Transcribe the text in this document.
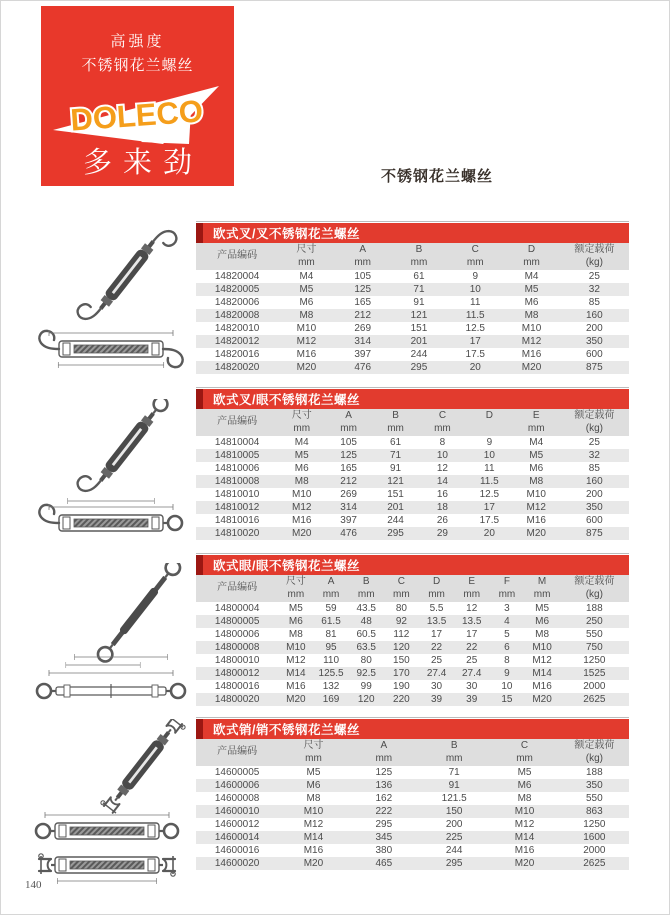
高强度
不锈钢花兰螺丝
DOLECO
多来劲	不锈钢花兰螺丝
欧式叉/叉不锈钢花兰螺丝
产品编码

尺寸
mm

A
mm

B
mm

C
mm

D
mm

额定载荷
(kg)

14820004	M4	105	61	9	M4	25
14820005	M5	125	71	10	M5	32
14820006	M6	165	91	11	M6	85
14820008	M8	212	121	11.5	M8	160
14820010	M10	269	151	12.5	M10	200
14820012	M12	314	201	17	M12	350
14820016	M16	397	244	17.5	M16	600
14820020	M20	476	295	20	M20	875
欧式叉/眼不锈钢花兰螺丝
产品编码

尺寸
mm

A
mm

B
mm

C
mm

D	E
mm

额定载荷
(kg)

14810004	M4	105	61	8	9	M4	25
14810005	M5	125	71	10	10	M5	32
14810006	M6	165	91	12	11	M6	85
14810008	M8	212	121	14	11.5	M8	160
14810010	M10	269	151	16	12.5	M10	200
14810012	M12	314	201	18	17	M12	350
14810016	M16	397	244	26	17.5	M16	600
14810020	M20	476	295	29	20	M20	875
欧式眼/眼不锈钢花兰螺丝
产品编码

尺寸
mm

A
mm

B
mm

C
mm

D
mm

E
mm

F
mm

M
mm

额定载荷
(kg)

14800004	M5	59	43.5	80	5.5	12	3	M5	188
14800005	M6	61.5	48	92	13.5	13.5	4	M6	250
14800006	M8	81	60.5	112	17	17	5	M8	550
14800008	M10	95	63.5	120	22	22	6	M10	750
14800010	M12	110	80	150	25	25	8	M12	1250
14800012	M14	125.5	92.5	170	27.4	27.4	9	M14	1525
14800016	M16	132	99	190	30	30	10	M16	2000
14800020	M20	169	120	220	39	39	15	M20	2625
欧式销/销不锈钢花兰螺丝
产品编码

尺寸
mm

A
mm

B
mm

C
mm

额定载荷
(kg)

14600005	M5	125	71	M5	188
14600006	M6	136	91	M6	350
14600008	M8	162	121.5	M8	550
14600010	M10	222	150	M10	863
14600012	M12	295	200	M12	1250
14600014	M14	345	225	M14	1600
14600016	M16	380	244	M16	2000
14600020	M20	465	295	M20	2625
140
